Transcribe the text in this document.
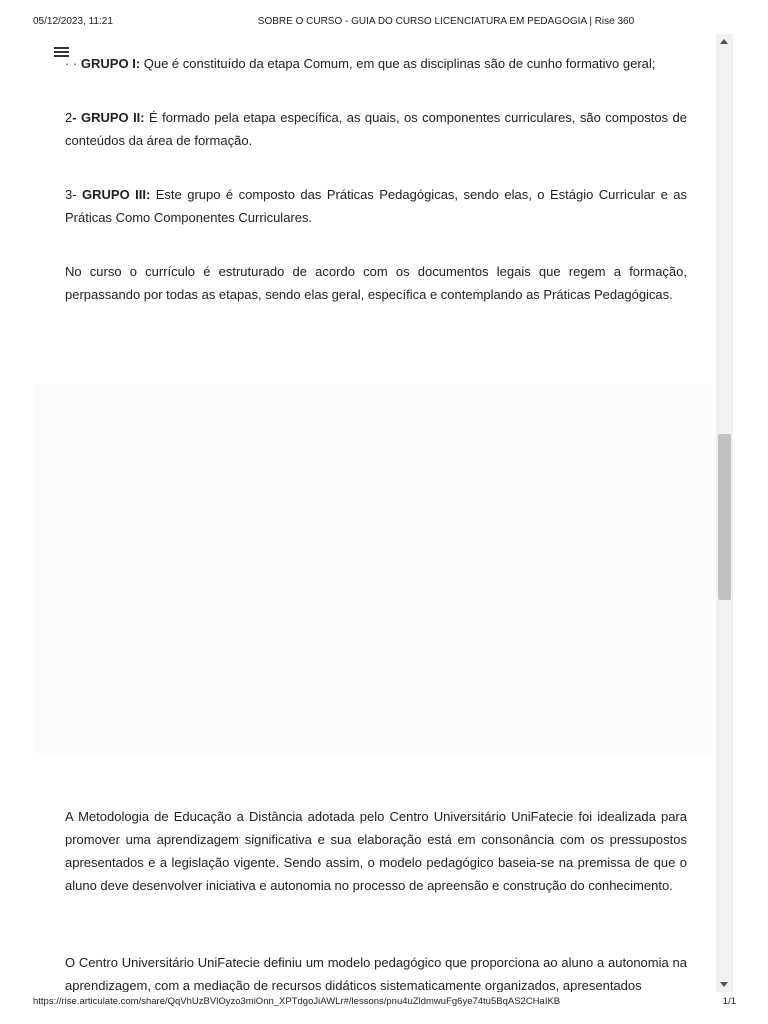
05/12/2023, 11:21	SOBRE O CURSO - GUIA DO CURSO LICENCIATURA EM PEDAGOGIA | Rise 360

· · GRUPO I: Que é constituído da etapa Comum, em que as disciplinas são de cunho formativo geral;

2- GRUPO II: É formado pela etapa específica, as quais, os componentes curriculares, são compostos de conteúdos da área de formação.

3- GRUPO III: Este grupo é composto das Práticas Pedagógicas, sendo elas, o Estágio Curricular e as Práticas Como Componentes Curriculares.

No curso o currículo é estruturado de acordo com os documentos legais que regem a formação, perpassando por todas as etapas, sendo elas geral, específica e contemplando as Práticas Pedagógicas.

A Metodologia de Educação a Distância adotada pelo Centro Universitário UniFatecie foi idealizada para promover uma aprendizagem significativa e sua elaboração está em consonância com os pressupostos apresentados e a legislação vigente. Sendo assim, o modelo pedagógico baseia-se na premissa de que o aluno deve desenvolver iniciativa e autonomia no processo de apreensão e construção do conhecimento.

O Centro Universitário UniFatecie definiu um modelo pedagógico que proporciona ao aluno a autonomia na aprendizagem, com a mediação de recursos didáticos sistematicamente organizados, apresentados

https://rise.articulate.com/share/QqVhUzBVlOyzo3miOnn_XPTdgoJiAWLr#/lessons/pnu4uZldmwuFg6ye74tu5BqAS2CHaIKB	1/1
